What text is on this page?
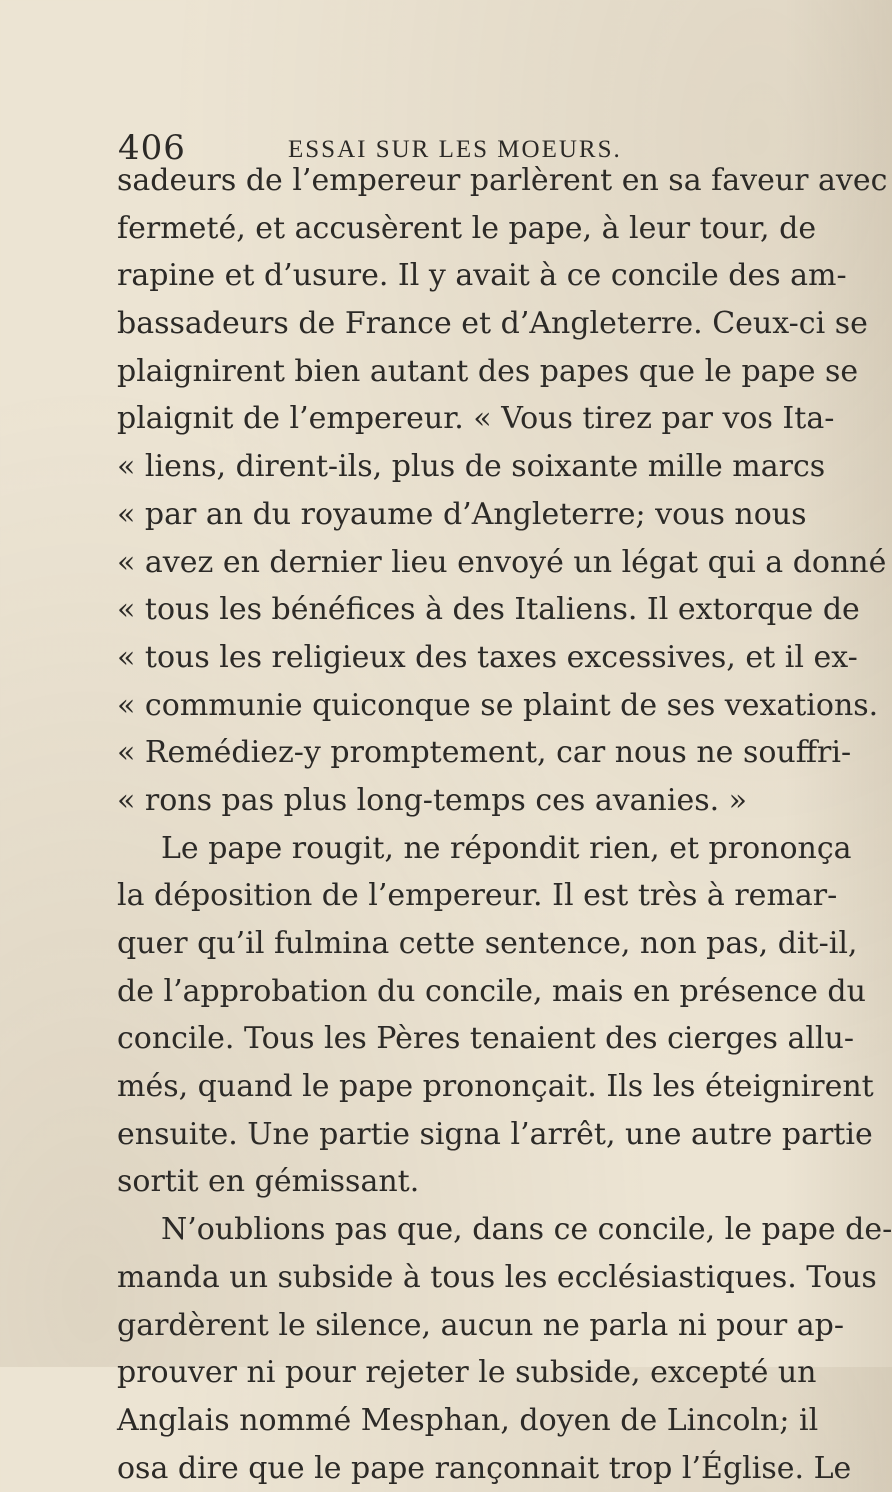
406	ESSAI SUR LES MOEURS.
sadeurs de l’empereur parlèrent en sa faveur avec
fermeté, et accusèrent le pape, à leur tour, de
rapine et d’usure. Il y avait à ce concile des am-
bassadeurs de France et d’Angleterre. Ceux-ci se
plaignirent bien autant des papes que le pape se
plaignit de l’empereur. « Vous tirez par vos Ita-
« liens, dirent-ils, plus de soixante mille marcs
« par an du royaume d’Angleterre; vous nous
« avez en dernier lieu envoyé un légat qui a donné
« tous les bénéfices à des Italiens. Il extorque de
« tous les religieux des taxes excessives, et il ex-
« communie quiconque se plaint de ses vexations.
« Remédiez-y promptement, car nous ne souffri-
« rons pas plus long-temps ces avanies. »
Le pape rougit, ne répondit rien, et prononça
la déposition de l’empereur. Il est très à remar-
quer qu’il fulmina cette sentence, non pas, dit-il,
de l’approbation du concile, mais en présence du
concile. Tous les Pères tenaient des cierges allu-
més, quand le pape prononçait. Ils les éteignirent
ensuite. Une partie signa l’arrêt, une autre partie
sortit en gémissant.
N’oublions pas que, dans ce concile, le pape de-
manda un subside à tous les ecclésiastiques. Tous
gardèrent le silence, aucun ne parla ni pour ap-
prouver ni pour rejeter le subside, excepté un
Anglais nommé Mesphan, doyen de Lincoln; il
osa dire que le pape rançonnait trop l’Église. Le
